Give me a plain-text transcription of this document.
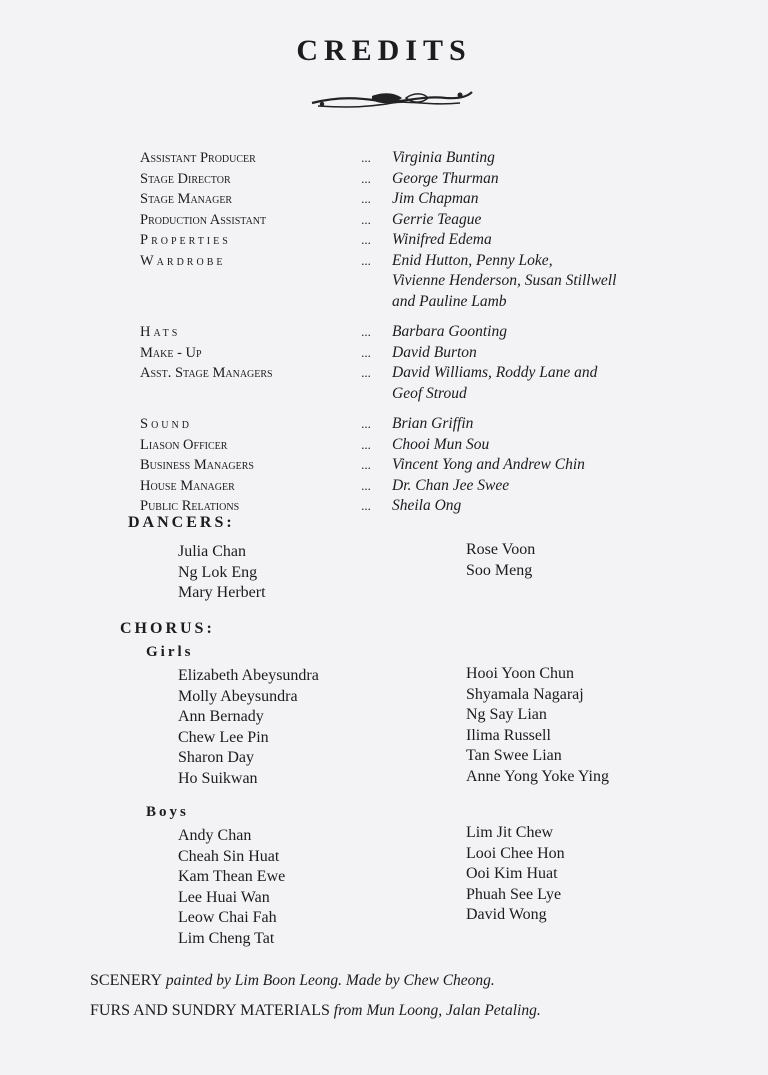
CREDITS
Assistant Producer	...	Virginia Bunting
Stage Director	...	George Thurman
Stage Manager	...	Jim Chapman
Production Assistant	...	Gerrie Teague
Properties	...	Winifred Edema
Wardrobe	...	Enid Hutton, Penny Loke,
Vivienne Henderson, Susan Stillwell
and Pauline Lamb
Hats	...	Barbara Goonting
Make - Up	...	David Burton
Asst. Stage Managers	...	David Williams, Roddy Lane and
Geof Stroud
Sound	...	Brian Griffin
Liason Officer	...	Chooi Mun Sou
Business Managers	...	Vincent Yong and Andrew Chin
House Manager	...	Dr. Chan Jee Swee
Public Relations	...	Sheila Ong
DANCERS:
Julia Chan
Ng Lok Eng
Mary Herbert
Rose Voon
Soo Meng
CHORUS:
Girls
Elizabeth Abeysundra
Molly Abeysundra
Ann Bernady
Chew Lee Pin
Sharon Day
Ho Suikwan
Hooi Yoon Chun
Shyamala Nagaraj
Ng Say Lian
Ilima Russell
Tan Swee Lian
Anne Yong Yoke Ying
Boys
Andy Chan
Cheah Sin Huat
Kam Thean Ewe
Lee Huai Wan
Leow Chai Fah
Lim Cheng Tat
Lim Jit Chew
Looi Chee Hon
Ooi Kim Huat
Phuah See Lye
David Wong
SCENERY painted by Lim Boon Leong. Made by Chew Cheong.
FURS AND SUNDRY MATERIALS from Mun Loong, Jalan Petaling.
